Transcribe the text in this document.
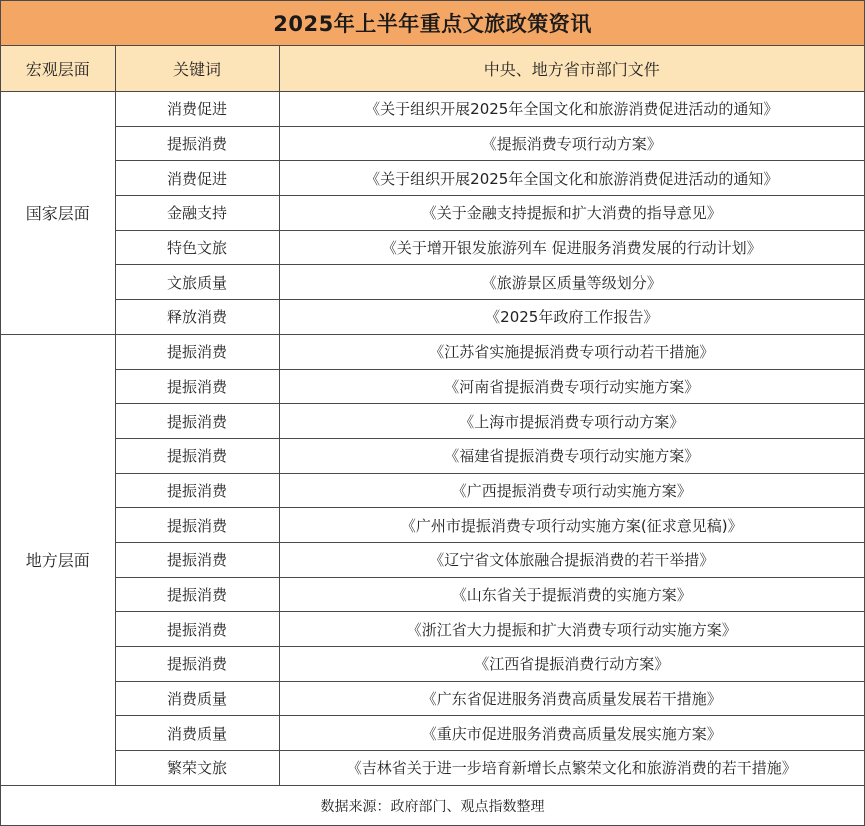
2025年上半年重点文旅政策资讯
宏观层面	关键词	中央、地方省市部门文件
国家层面	消费促进	《关于组织开展2025年全国文化和旅游消费促进活动的通知》
	提振消费	《提振消费专项行动方案》
	消费促进	《关于组织开展2025年全国文化和旅游消费促进活动的通知》
	金融支持	《关于金融支持提振和扩大消费的指导意见》
	特色文旅	《关于增开银发旅游列车 促进服务消费发展的行动计划》
	文旅质量	《旅游景区质量等级划分》
	释放消费	《2025年政府工作报告》
地方层面	提振消费	《江苏省实施提振消费专项行动若干措施》
	提振消费	《河南省提振消费专项行动实施方案》
	提振消费	《上海市提振消费专项行动方案》
	提振消费	《福建省提振消费专项行动实施方案》
	提振消费	《广西提振消费专项行动实施方案》
	提振消费	《广州市提振消费专项行动实施方案(征求意见稿)》
	提振消费	《辽宁省文体旅融合提振消费的若干举措》
	提振消费	《山东省关于提振消费的实施方案》
	提振消费	《浙江省大力提振和扩大消费专项行动实施方案》
	提振消费	《江西省提振消费行动方案》
	消费质量	《广东省促进服务消费高质量发展若干措施》
	消费质量	《重庆市促进服务消费高质量发展实施方案》
	繁荣文旅	《吉林省关于进一步培育新增长点繁荣文化和旅游消费的若干措施》
数据来源：政府部门、观点指数整理
